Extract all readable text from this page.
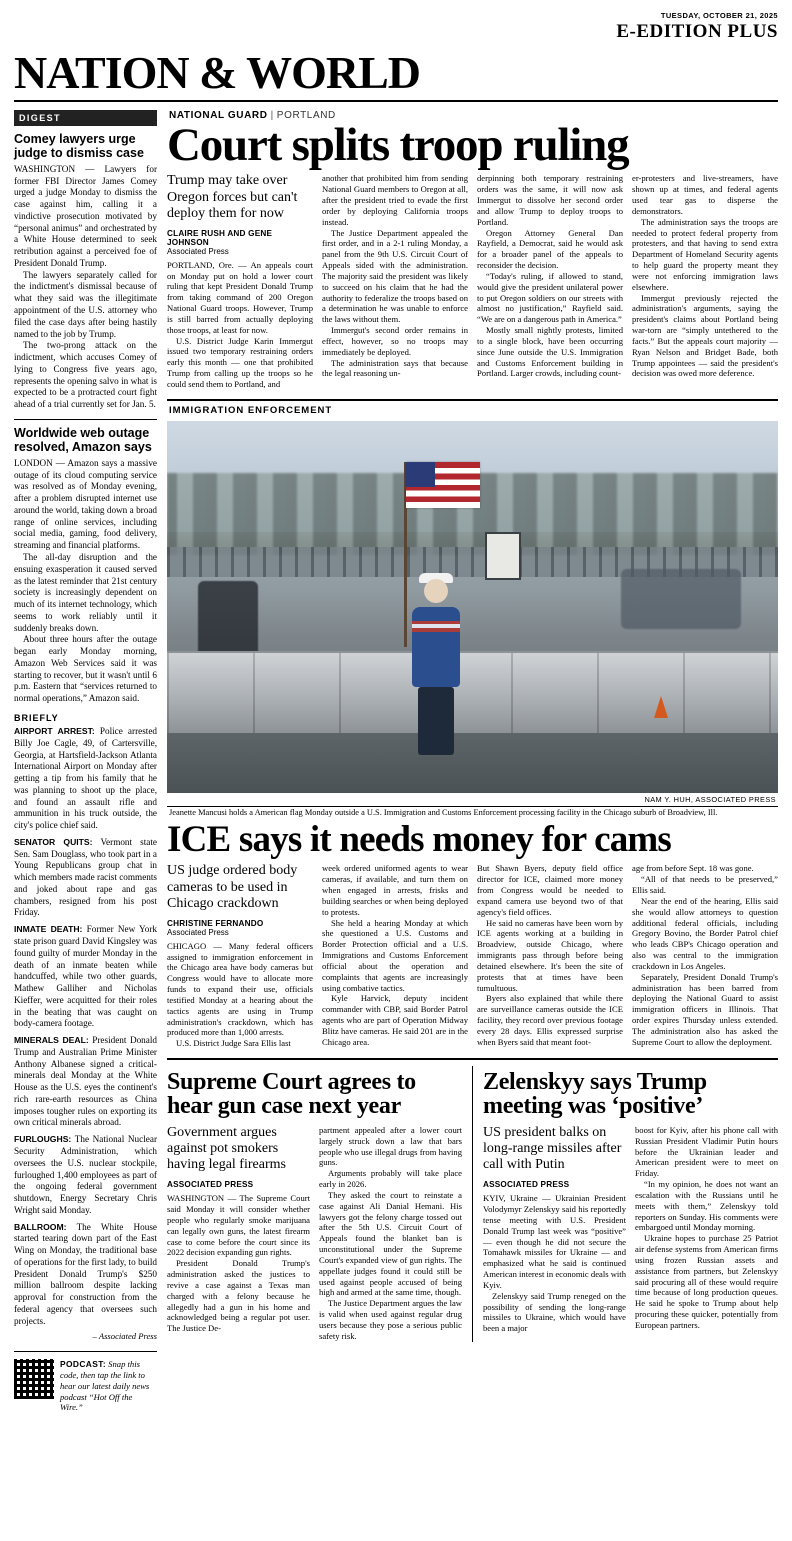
TUESDAY, OCTOBER 21, 2025
E-EDITION PLUS
NATION & WORLD
DIGEST
Comey lawyers urge judge to dismiss case

WASHINGTON — Lawyers for former FBI Director James Comey urged a judge Monday to dismiss the case against him, calling it a vindictive prosecution motivated by “personal animus” and orchestrated by a White House determined to seek retribution against a perceived foe of President Donald Trump.

The lawyers separately called for the indictment's dismissal because of what they said was the illegitimate appointment of the U.S. attorney who filed the case days after being hastily named to the job by Trump.

The two-prong attack on the indictment, which accuses Comey of lying to Congress five years ago, represents the opening salvo in what is expected to be a protracted court fight ahead of a trial currently set for Jan. 5.

Worldwide web outage resolved, Amazon says

LONDON — Amazon says a massive outage of its cloud computing service was resolved as of Monday evening, after a problem disrupted internet use around the world, taking down a broad range of online services, including social media, gaming, food delivery, streaming and financial platforms.

The all-day disruption and the ensuing exasperation it caused served as the latest reminder that 21st century society is increasingly dependent on much of its internet technology, which seems to work reliably until it suddenly breaks down.

About three hours after the outage began early Monday morning, Amazon Web Services said it was starting to recover, but it wasn't until 6 p.m. Eastern that “services returned to normal operations,” Amazon said.

BRIEFLY

AIRPORT ARREST: Police arrested Billy Joe Cagle, 49, of Cartersville, Georgia, at Hartsfield-Jackson Atlanta International Airport on Monday after getting a tip from his family that he was planning to shoot up the place, and found an assault rifle and ammunition in his truck outside, the city's police chief said.

SENATOR QUITS: Vermont state Sen. Sam Douglass, who took part in a Young Republicans group chat in which members made racist comments and joked about rape and gas chambers, resigned from his post Friday.

INMATE DEATH: Former New York state prison guard David Kingsley was found guilty of murder Monday in the death of an inmate beaten while handcuffed, while two other guards, Mathew Galliher and Nicholas Kieffer, were acquitted for their roles in the beating that was caught on body-camera footage.

MINERALS DEAL: President Donald Trump and Australian Prime Minister Anthony Albanese signed a critical-minerals deal Monday at the White House as the U.S. eyes the continent's rich rare-earth resources as China imposes tougher rules on exporting its own critical minerals abroad.

FURLOUGHS: The National Nuclear Security Administration, which oversees the U.S. nuclear stockpile, furloughed 1,400 employees as part of the ongoing federal government shutdown, Energy Secretary Chris Wright said Monday.

BALLROOM: The White House started tearing down part of the East Wing on Monday, the traditional base of operations for the first lady, to build President Donald Trump's $250 million ballroom despite lacking approval for construction from the federal agency that oversees such projects.

– Associated Press
PODCAST: Snap this code, then tap the link to hear our latest daily news podcast “Hot Off the Wire.”
NATIONAL GUARD | PORTLAND
Court splits troop ruling
Trump may take over Oregon forces but can't deploy them for now
CLAIRE RUSH AND GENE JOHNSON
Associated Press

PORTLAND, Ore. — An appeals court on Monday put on hold a lower court ruling that kept President Donald Trump from taking command of 200 Oregon National Guard troops. However, Trump is still barred from actually deploying those troops, at least for now.

U.S. District Judge Karin Immergut issued two temporary restraining orders early this month — one that prohibited Trump from calling up the troops so he could send them to Portland, and

another that prohibited him from sending National Guard members to Oregon at all, after the president tried to evade the first order by deploying California troops instead.

The Justice Department appealed the first order, and in a 2-1 ruling Monday, a panel from the 9th U.S. Circuit Court of Appeals sided with the administration. The majority said the president was likely to succeed on his claim that he had the authority to federalize the troops based on a determination he was unable to enforce the laws without them.

Immergut's second order remains in effect, however, so no troops may immediately be deployed.

The administration says that because the legal reasoning un-

derpinning both temporary restraining orders was the same, it will now ask Immergut to dissolve her second order and allow Trump to deploy troops to Portland.

Oregon Attorney General Dan Rayfield, a Democrat, said he would ask for a broader panel of the appeals to reconsider the decision.

“Today's ruling, if allowed to stand, would give the president unilateral power to put Oregon soldiers on our streets with almost no justification,” Rayfield said. “We are on a dangerous path in America.”

Mostly small nightly protests, limited to a single block, have been occurring since June outside the U.S. Immigration and Customs Enforcement building in Portland. Larger crowds, including count-

er-protesters and live-streamers, have shown up at times, and federal agents used tear gas to disperse the demonstrators.

The administration says the troops are needed to protect federal property from protesters, and that having to send extra Department of Homeland Security agents to help guard the property meant they were not enforcing immigration laws elsewhere.

Immergut previously rejected the administration's arguments, saying the president's claims about Portland being war-torn are “simply untethered to the facts.” But the appeals court majority — Ryan Nelson and Bridget Bade, both Trump appointees — said the president's decision was owed more deference.

IMMIGRATION ENFORCEMENT
NAM Y. HUH, ASSOCIATED PRESS
Jeanette Mancusi holds a American flag Monday outside a U.S. Immigration and Customs Enforcement processing facility in the Chicago suburb of Broadview, Ill.
ICE says it needs money for cams
US judge ordered body cameras to be used in Chicago crackdown
CHRISTINE FERNANDO
Associated Press

CHICAGO — Many federal officers assigned to immigration enforcement in the Chicago area have body cameras but Congress would have to allocate more funds to expand their use, officials testified Monday at a hearing about the tactics agents are using in Trump administration's crackdown, which has produced more than 1,000 arrests.

U.S. District Judge Sara Ellis last

week ordered uniformed agents to wear cameras, if available, and turn them on when engaged in arrests, frisks and building searches or when being deployed to protests.

She held a hearing Monday at which she questioned a U.S. Customs and Border Protection official and a U.S. Immigrations and Customs Enforcement official about the operation and complaints that agents are increasingly using combative tactics.

Kyle Harvick, deputy incident commander with CBP, said Border Patrol agents who are part of Operation Midway Blitz have cameras. He said 201 are in the Chicago area.

But Shawn Byers, deputy field office director for ICE, claimed more money from Congress would be needed to expand camera use beyond two of that agency's field offices.

He said no cameras have been worn by ICE agents working at a building in Broadview, outside Chicago, where immigrants pass through before being detained elsewhere. It's been the site of protests that at times have been tumultuous.

Byers also explained that while there are surveillance cameras outside the ICE facility, they record over previous footage every 28 days. Ellis expressed surprise when Byers said that meant foot-

age from before Sept. 18 was gone.

“All of that needs to be preserved,” Ellis said.

Near the end of the hearing, Ellis said she would allow attorneys to question additional federal officials, including Gregory Bovino, the Border Patrol chief who leads CBP's Chicago operation and also was central to the immigration crackdown in Los Angeles.

Separately, President Donald Trump's administration has been barred from deploying the National Guard to assist immigration officers in Illinois. That order expires Thursday unless extended. The administration also has asked the Supreme Court to allow the deployment.

Supreme Court agrees to hear gun case next year
Government argues against pot smokers having legal firearms
ASSOCIATED PRESS

WASHINGTON — The Supreme Court said Monday it will consider whether people who regularly smoke marijuana can legally own guns, the latest firearm case to come before the court since its 2022 decision expanding gun rights.

President Donald Trump's administration asked the justices to revive a case against a Texas man charged with a felony because he allegedly had a gun in his home and acknowledged being a regular pot user. The Justice De-

partment appealed after a lower court largely struck down a law that bars people who use illegal drugs from having guns.

Arguments probably will take place early in 2026.

They asked the court to reinstate a case against Ali Danial Hemani. His lawyers got the felony charge tossed out after the 5th U.S. Circuit Court of Appeals found the blanket ban is unconstitutional under the Supreme Court's expanded view of gun rights. The appellate judges found it could still be used against people accused of being high and armed at the same time, though.

The Justice Department argues the law is valid when used against regular drug users because they pose a serious public safety risk.

Zelenskyy says Trump meeting was ‘positive’
US president balks on long-range missiles after call with Putin
ASSOCIATED PRESS

KYIV, Ukraine — Ukrainian President Volodymyr Zelenskyy said his reportedly tense meeting with U.S. President Donald Trump last week was “positive” — even though he did not secure the Tomahawk missiles for Ukraine — and emphasized what he said is continued American interest in economic deals with Kyiv.

Zelenskyy said Trump reneged on the possibility of sending the long-range missiles to Ukraine, which would have been a major

boost for Kyiv, after his phone call with Russian President Vladimir Putin hours before the Ukrainian leader and American president were to meet on Friday.

“In my opinion, he does not want an escalation with the Russians until he meets with them,” Zelenskyy told reporters on Sunday. His comments were embargoed until Monday morning.

Ukraine hopes to purchase 25 Patriot air defense systems from American firms using frozen Russian assets and assistance from partners, but Zelenskyy said procuring all of these would require time because of long production queues. He said he spoke to Trump about help procuring these quicker, potentially from European partners.
